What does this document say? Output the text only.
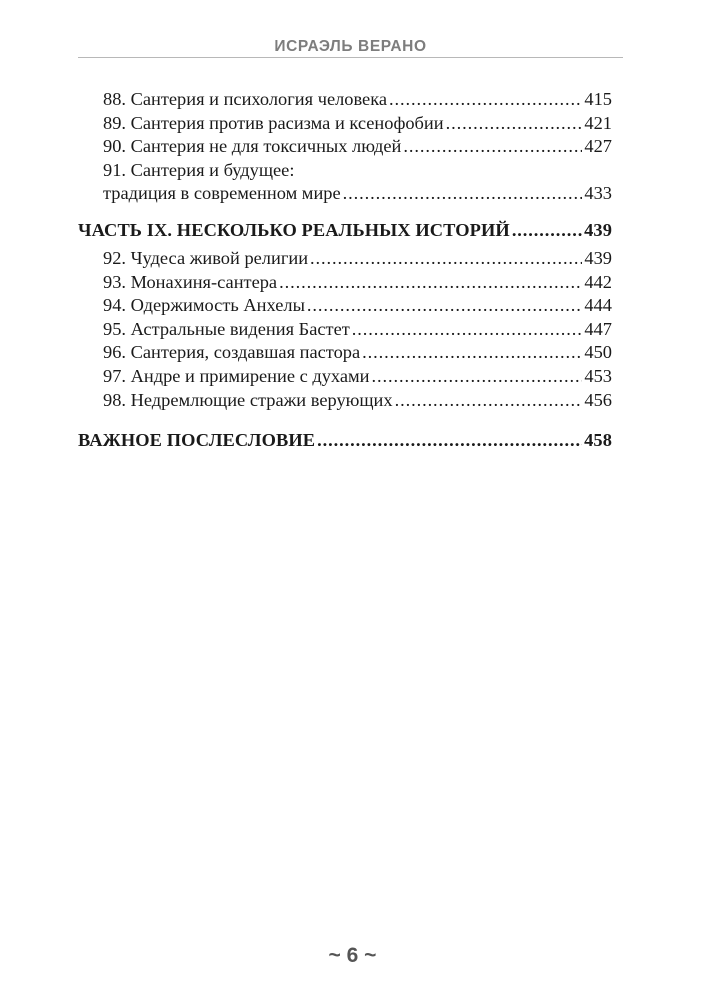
ИСРАЭЛЬ ВЕРАНО
88. Сантерия и психология человека .....	415
89. Сантерия против расизма и ксенофобии .....	421
90. Сантерия не для токсичных людей .....	427
91. Сантерия и будущее:
традиция в современном мире .....	433
ЧАСТЬ IX. НЕСКОЛЬКО РЕАЛЬНЫХ ИСТОРИЙ .....	439
92. Чудеса живой религии .....	439
93. Монахиня-сантера .....	442
94. Одержимость Анхелы .....	444
95. Астральные видения Бастет .....	447
96. Сантерия, создавшая пастора .....	450
97. Андре и примирение с духами .....	453
98. Недремлющие стражи верующих .....	456
ВАЖНОЕ ПОСЛЕСЛОВИЕ .....	458
~ 6 ~
